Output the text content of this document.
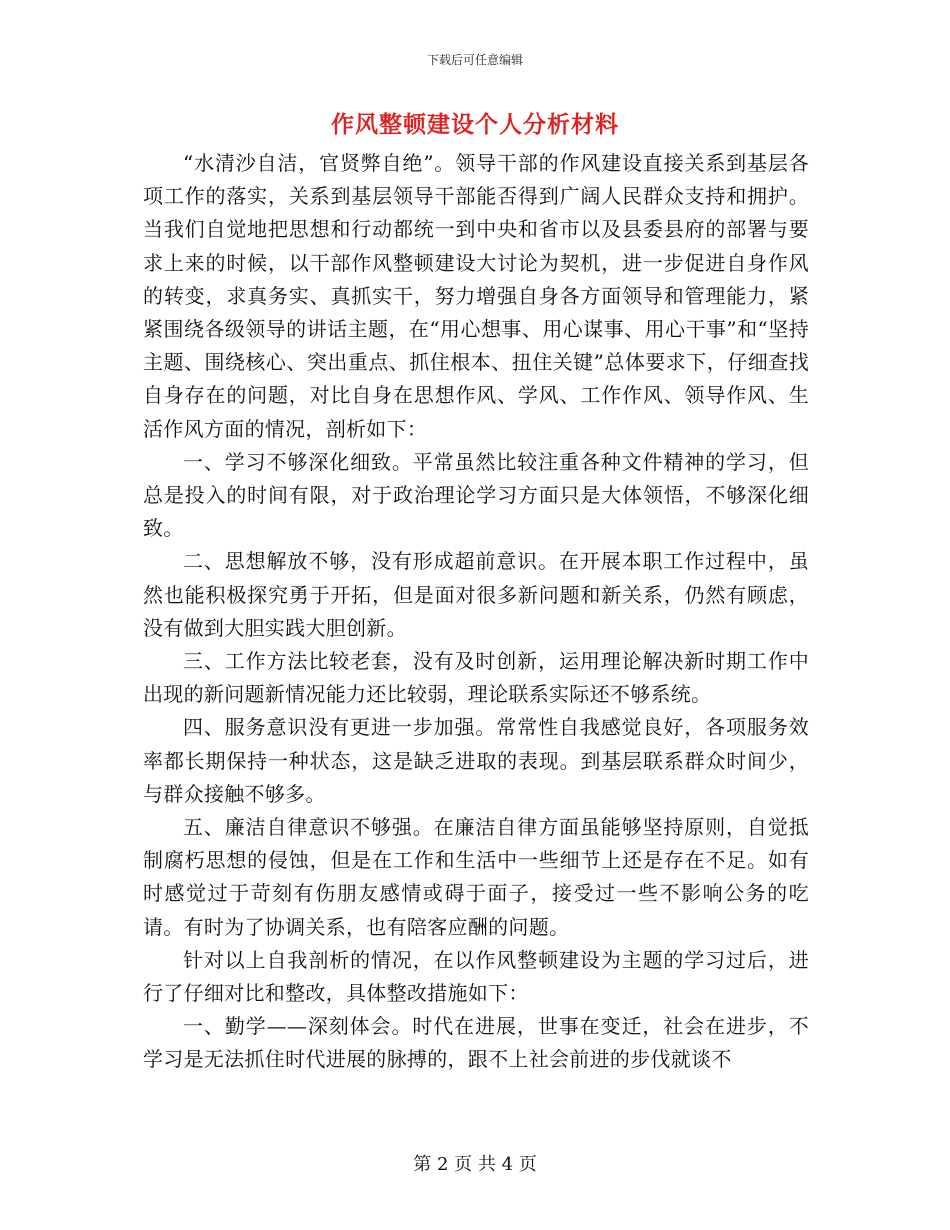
下载后可任意编辑
作风整顿建设个人分析材料

“水清沙自洁，官贤弊自绝”。领导干部的作风建设直接关系到基层各项工作的落实，关系到基层领导干部能否得到广阔人民群众支持和拥护。当我们自觉地把思想和行动都统一到中央和省市以及县委县府的部署与要求上来的时候，以干部作风整顿建设大讨论为契机，进一步促进自身作风的转变，求真务实、真抓实干，努力增强自身各方面领导和管理能力，紧紧围绕各级领导的讲话主题，在“用心想事、用心谋事、用心干事”和“坚持主题、围绕核心、突出重点、抓住根本、扭住关键”总体要求下，仔细查找自身存在的问题，对比自身在思想作风、学风、工作作风、领导作风、生活作风方面的情况，剖析如下：

一、学习不够深化细致。平常虽然比较注重各种文件精神的学习，但总是投入的时间有限，对于政治理论学习方面只是大体领悟，不够深化细致。

二、思想解放不够，没有形成超前意识。在开展本职工作过程中，虽然也能积极探究勇于开拓，但是面对很多新问题和新关系，仍然有顾虑，没有做到大胆实践大胆创新。

三、工作方法比较老套，没有及时创新，运用理论解决新时期工作中出现的新问题新情况能力还比较弱，理论联系实际还不够系统。

四、服务意识没有更进一步加强。常常性自我感觉良好，各项服务效率都长期保持一种状态，这是缺乏进取的表现。到基层联系群众时间少，与群众接触不够多。

五、廉洁自律意识不够强。在廉洁自律方面虽能够坚持原则，自觉抵制腐朽思想的侵蚀，但是在工作和生活中一些细节上还是存在不足。如有时感觉过于苛刻有伤朋友感情或碍于面子，接受过一些不影响公务的吃请。有时为了协调关系，也有陪客应酬的问题。

针对以上自我剖析的情况，在以作风整顿建设为主题的学习过后，进行了仔细对比和整改，具体整改措施如下：

一、勤学——深刻体会。时代在进展，世事在变迁，社会在进步，不学习是无法抓住时代进展的脉搏的，跟不上社会前进的步伐就谈不

第 2 页 共 4 页
